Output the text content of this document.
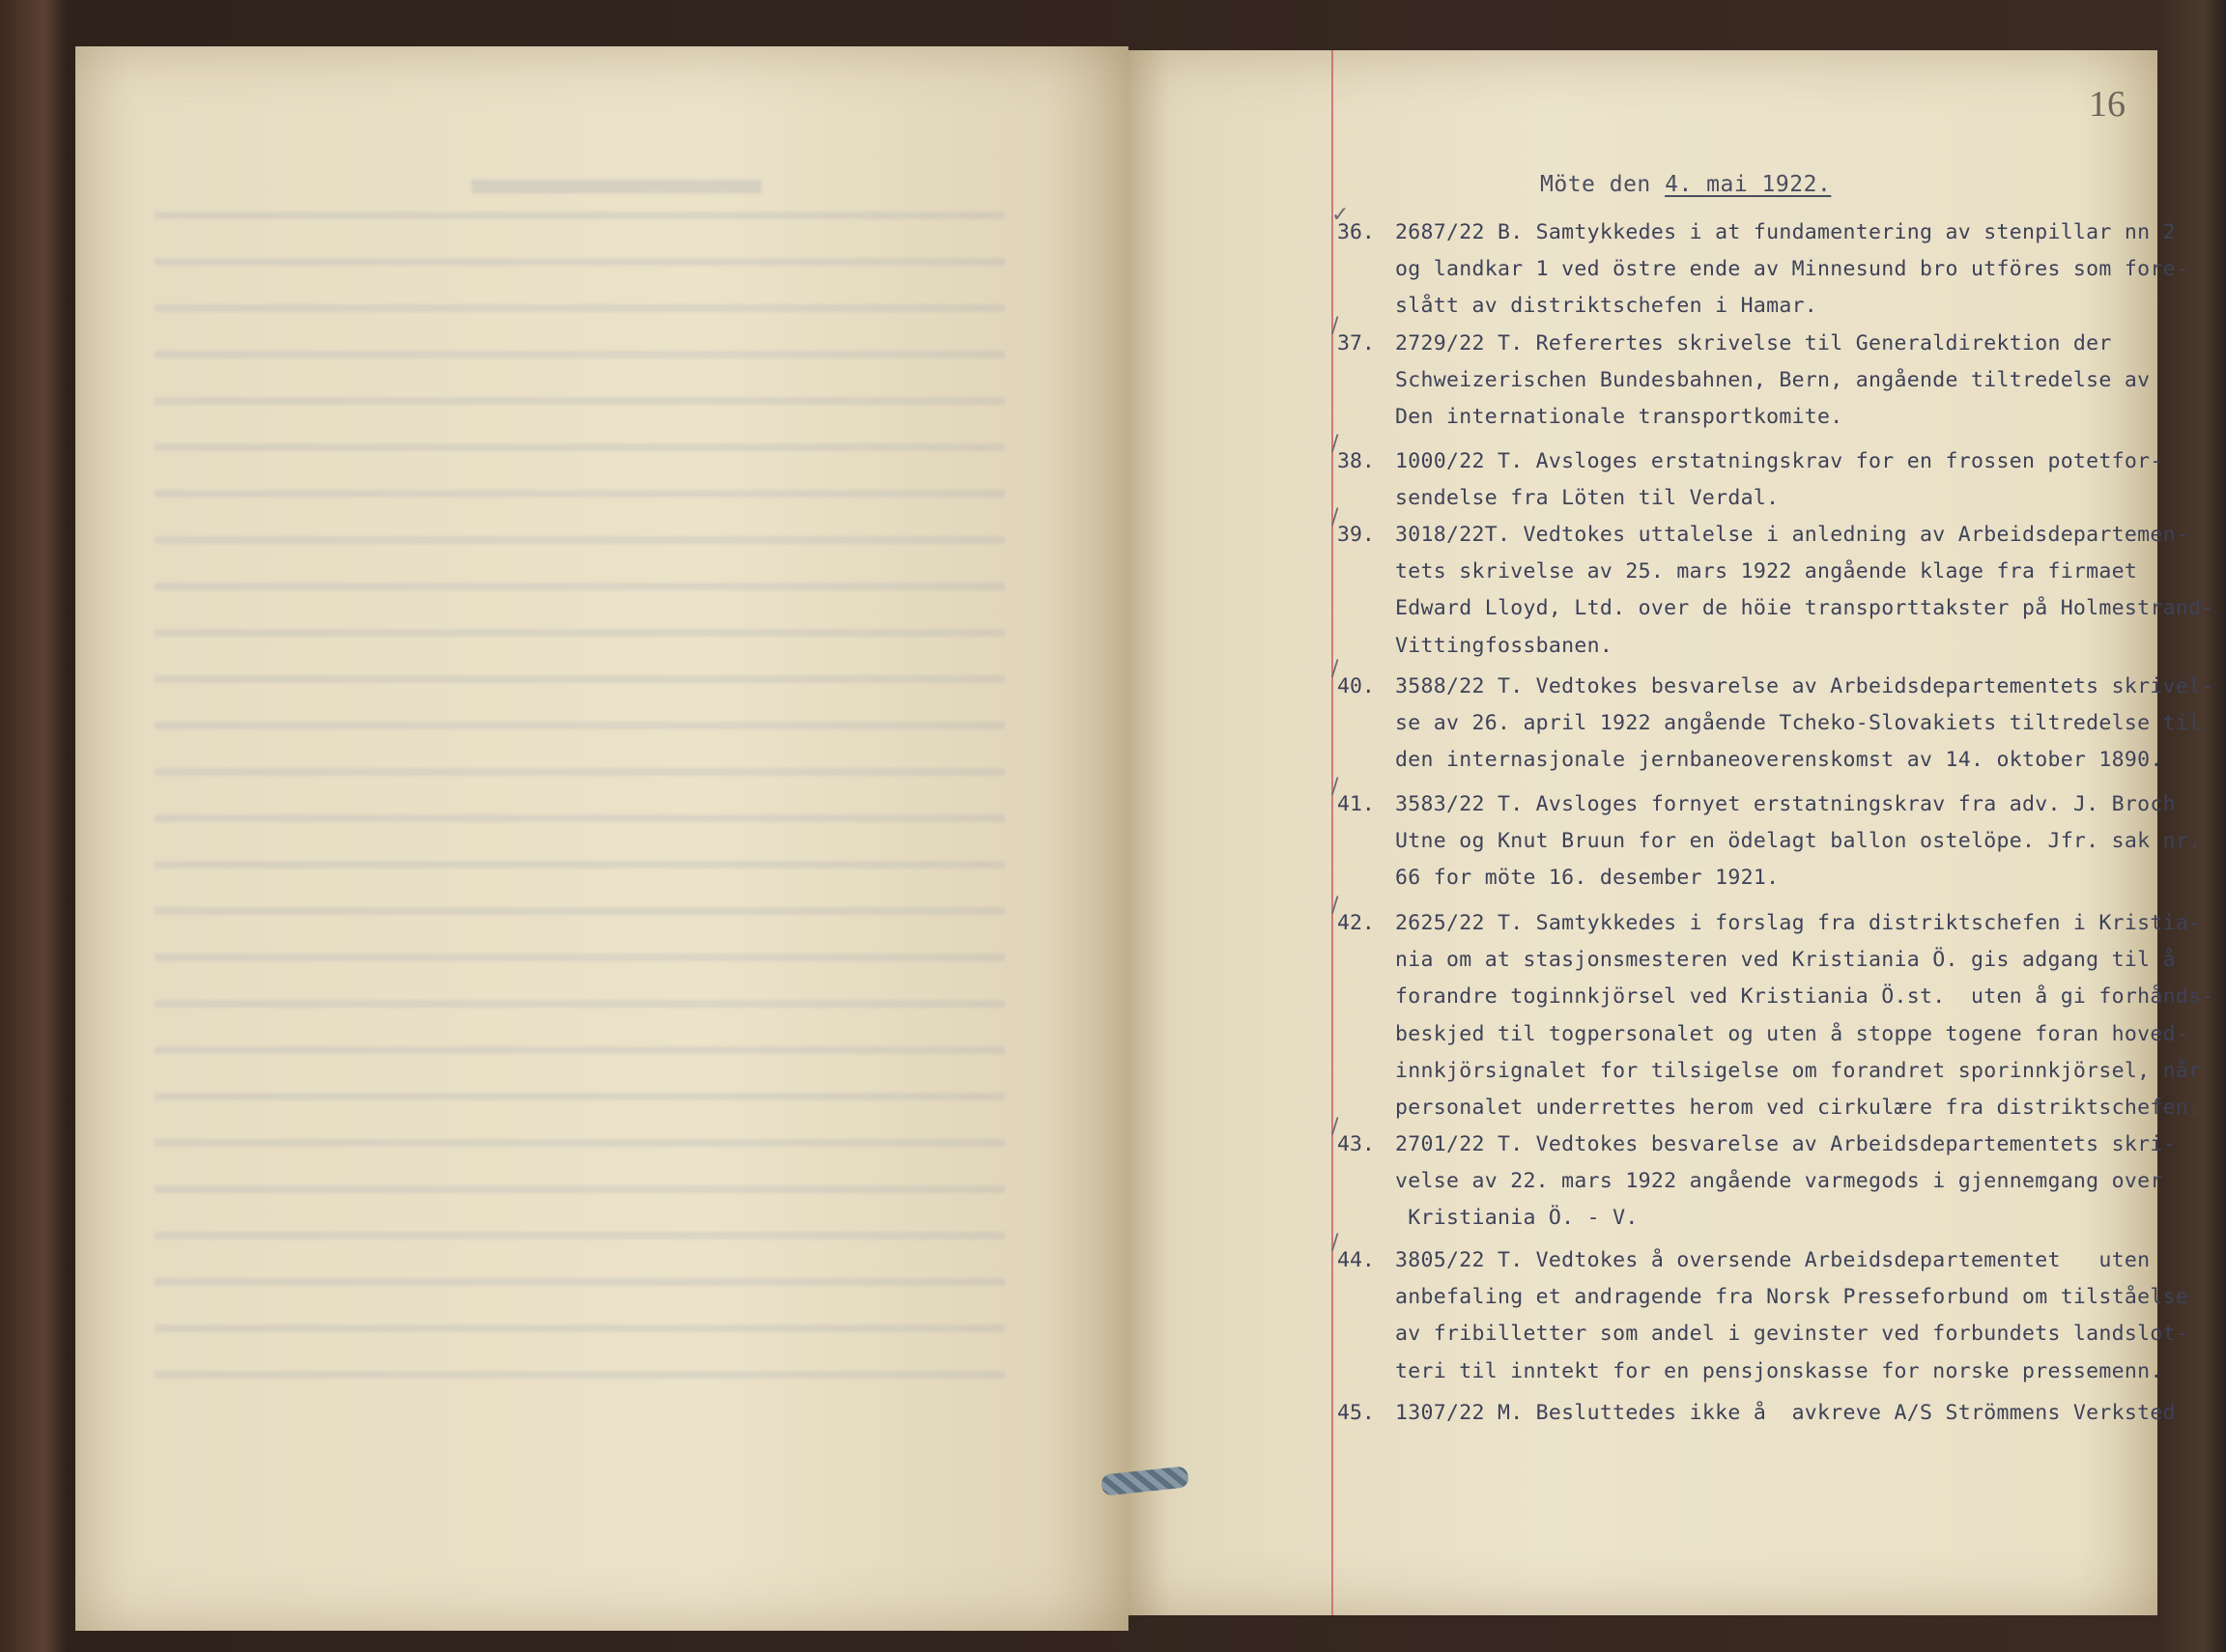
16
Möte den 4. mai 1922.
36.
✓
2687/22 B. Samtykkedes i at fundamentering av stenpillar nn 2
og landkar 1 ved östre ende av Minnesund bro utföres som fore-
slått av distriktschefen i Hamar.
37.
/
2729/22 T. Referertes skrivelse til Generaldirektion der
Schweizerischen Bundesbahnen, Bern, angående tiltredelse av
Den internationale transportkomite.
38.
/
1000/22 T. Avsloges erstatningskrav for en frossen potetfor-
sendelse fra Löten til Verdal.
39.
/
3018/22T. Vedtokes uttalelse i anledning av Arbeidsdepartemen-
tets skrivelse av 25. mars 1922 angående klage fra firmaet
Edward Lloyd, Ltd. over de höie transporttakster på Holmestrand-
Vittingfossbanen.
40.
/
3588/22 T. Vedtokes besvarelse av Arbeidsdepartementets skrivel-
se av 26. april 1922 angående Tcheko-Slovakiets tiltredelse til
den internasjonale jernbaneoverenskomst av 14. oktober 1890.
41.
/
3583/22 T. Avsloges fornyet erstatningskrav fra adv. J. Broch
Utne og Knut Bruun for en ödelagt ballon ostelöpe. Jfr. sak nr.
66 for möte 16. desember 1921.
42.
/
2625/22 T. Samtykkedes i forslag fra distriktschefen i Kristia-
nia om at stasjonsmesteren ved Kristiania Ö. gis adgang til å
forandre toginnkjörsel ved Kristiania Ö.st.  uten å gi forhånds-
beskjed til togpersonalet og uten å stoppe togene foran hoved-
innkjörsignalet for tilsigelse om forandret sporinnkjörsel, når
personalet underrettes herom ved cirkulære fra distriktschefen.
43.
/
2701/22 T. Vedtokes besvarelse av Arbeidsdepartementets skri-
velse av 22. mars 1922 angående varmegods i gjennemgang over
Kristiania Ö. - V.
44.
/
3805/22 T. Vedtokes å oversende Arbeidsdepartementet   uten
anbefaling et andragende fra Norsk Presseforbund om tilståelse
av fribilletter som andel i gevinster ved forbundets landslot-
teri til inntekt for en pensjonskasse for norske pressemenn.
45. 1307/22 M. Besluttedes ikke å  avkreve A/S Strömmens Verksted
